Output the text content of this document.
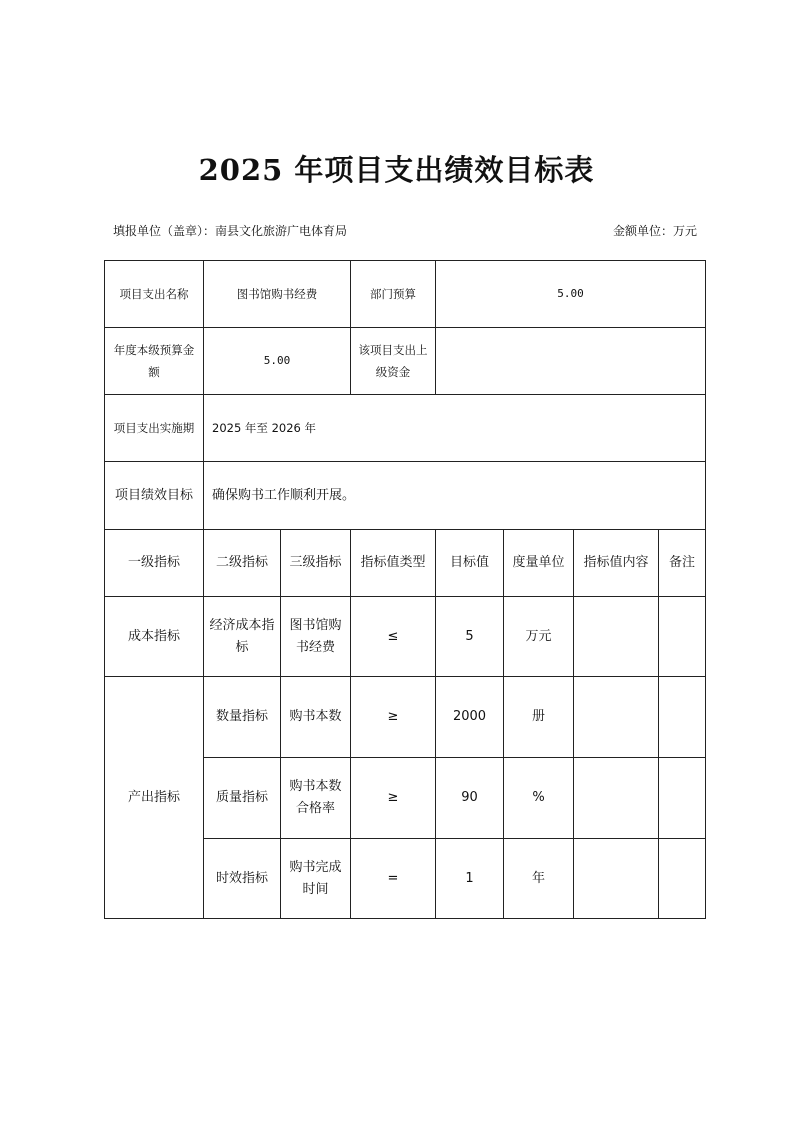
2025 年项目支出绩效目标表
填报单位（盖章）：南县文化旅游广电体育局	金额单位：万元
项目支出名称	图书馆购书经费		部门预算	5.00			
年度本级预算金额	5.00		该项目支出上级资金				
项目支出实施期	2025 年至 2026 年						
项目绩效目标	确保购书工作顺利开展。						
一级指标	二级指标	三级指标	指标值类型	目标值	度量单位	指标值内容	备注
成本指标	经济成本指标	图书馆购书经费	≤	5	万元		
产出指标	数量指标	购书本数	≥	2000	册		
	质量指标	购书本数合格率	≥	90	%		
	时效指标	购书完成时间	=	1	年		
